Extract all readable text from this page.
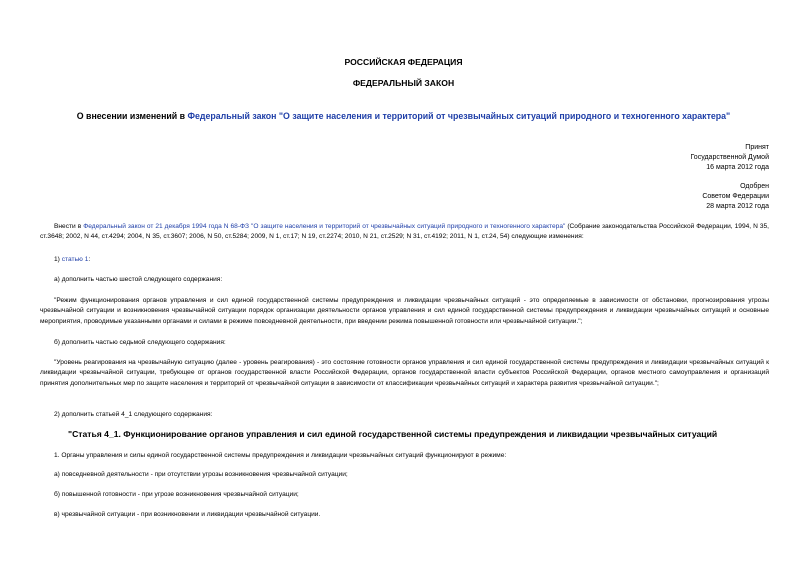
РОССИЙСКАЯ ФЕДЕРАЦИЯ
ФЕДЕРАЛЬНЫЙ ЗАКОН
О внесении изменений в Федеральный закон "О защите населения и территорий от чрезвычайных ситуаций природного и техногенного характера"
Принят
Государственной Думой
16 марта 2012 года
Одобрен
Советом Федерации
28 марта 2012 года
Внести в Федеральный закон от 21 декабря 1994 года N 68-ФЗ "О защите населения и территорий от чрезвычайных ситуаций природного и техногенного характера" (Собрание законодательства Российской Федерации, 1994, N 35, ст.3648; 2002, N 44, ст.4294; 2004, N 35, ст.3607; 2006, N 50, ст.5284; 2009, N 1, ст.17; N 19, ст.2274; 2010, N 21, ст.2529; N 31, ст.4192; 2011, N 1, ст.24, 54) следующие изменения:
1) статью 1:
а) дополнить частью шестой следующего содержания:
"Режим функционирования органов управления и сил единой государственной системы предупреждения и ликвидации чрезвычайных ситуаций - это определяемые в зависимости от обстановки, прогнозирования угрозы чрезвычайной ситуации и возникновения чрезвычайной ситуации порядок организации деятельности органов управления и сил единой государственной системы предупреждения и ликвидации чрезвычайных ситуаций и основные мероприятия, проводимые указанными органами и силами в режиме повседневной деятельности, при введении режима повышенной готовности или чрезвычайной ситуации.";
б) дополнить частью седьмой следующего содержания:
"Уровень реагирования на чрезвычайную ситуацию (далее - уровень реагирования) - это состояние готовности органов управления и сил единой государственной системы предупреждения и ликвидации чрезвычайных ситуаций к ликвидации чрезвычайной ситуации, требующее от органов государственной власти Российской Федерации, органов государственной власти субъектов Российской Федерации, органов местного самоуправления и организаций принятия дополнительных мер по защите населения и территорий от чрезвычайной ситуации в зависимости от классификации чрезвычайных ситуаций и характера развития чрезвычайной ситуации.";
2) дополнить статьей 4_1 следующего содержания:
"Статья 4_1. Функционирование органов управления и сил единой государственной системы предупреждения и ликвидации чрезвычайных ситуаций
1. Органы управления и силы единой государственной системы предупреждения и ликвидации чрезвычайных ситуаций функционируют в режиме:
а) повседневной деятельности - при отсутствии угрозы возникновения чрезвычайной ситуации;
б) повышенной готовности - при угрозе возникновения чрезвычайной ситуации;
в) чрезвычайной ситуации - при возникновении и ликвидации чрезвычайной ситуации.
